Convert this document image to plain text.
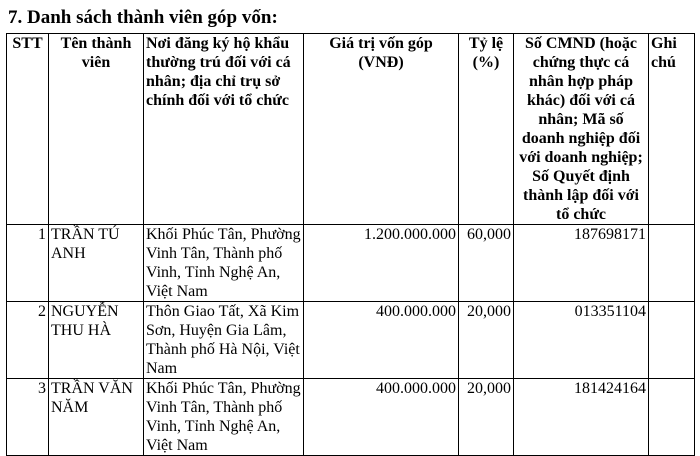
7. Danh sách thành viên góp vốn:
STT	Tên thành viên	Nơi đăng ký hộ khẩu thường trú đối với cá nhân; địa chỉ trụ sở chính đối với tổ chức	Giá trị vốn góp (VNĐ)	Tỷ lệ (%)	Số CMND (hoặc chứng thực cá nhân hợp pháp khác) đối với cá nhân; Mã số doanh nghiệp đối với doanh nghiệp; Số Quyết định thành lập đối với tổ chức	Ghi chú
1	TRẦN TÚ ANH	Khối Phúc Tân, Phường Vinh Tân, Thành phố Vinh, Tỉnh Nghệ An, Việt Nam	1.200.000.000	60,000	187698171	
2	NGUYỄN THU HÀ	Thôn Giao Tất, Xã Kim Sơn, Huyện Gia Lâm, Thành phố Hà Nội, Việt Nam	400.000.000	20,000	013351104	
3	TRẦN VĂN NĂM	Khối Phúc Tân, Phường Vinh Tân, Thành phố Vinh, Tỉnh Nghệ An, Việt Nam	400.000.000	20,000	181424164	
